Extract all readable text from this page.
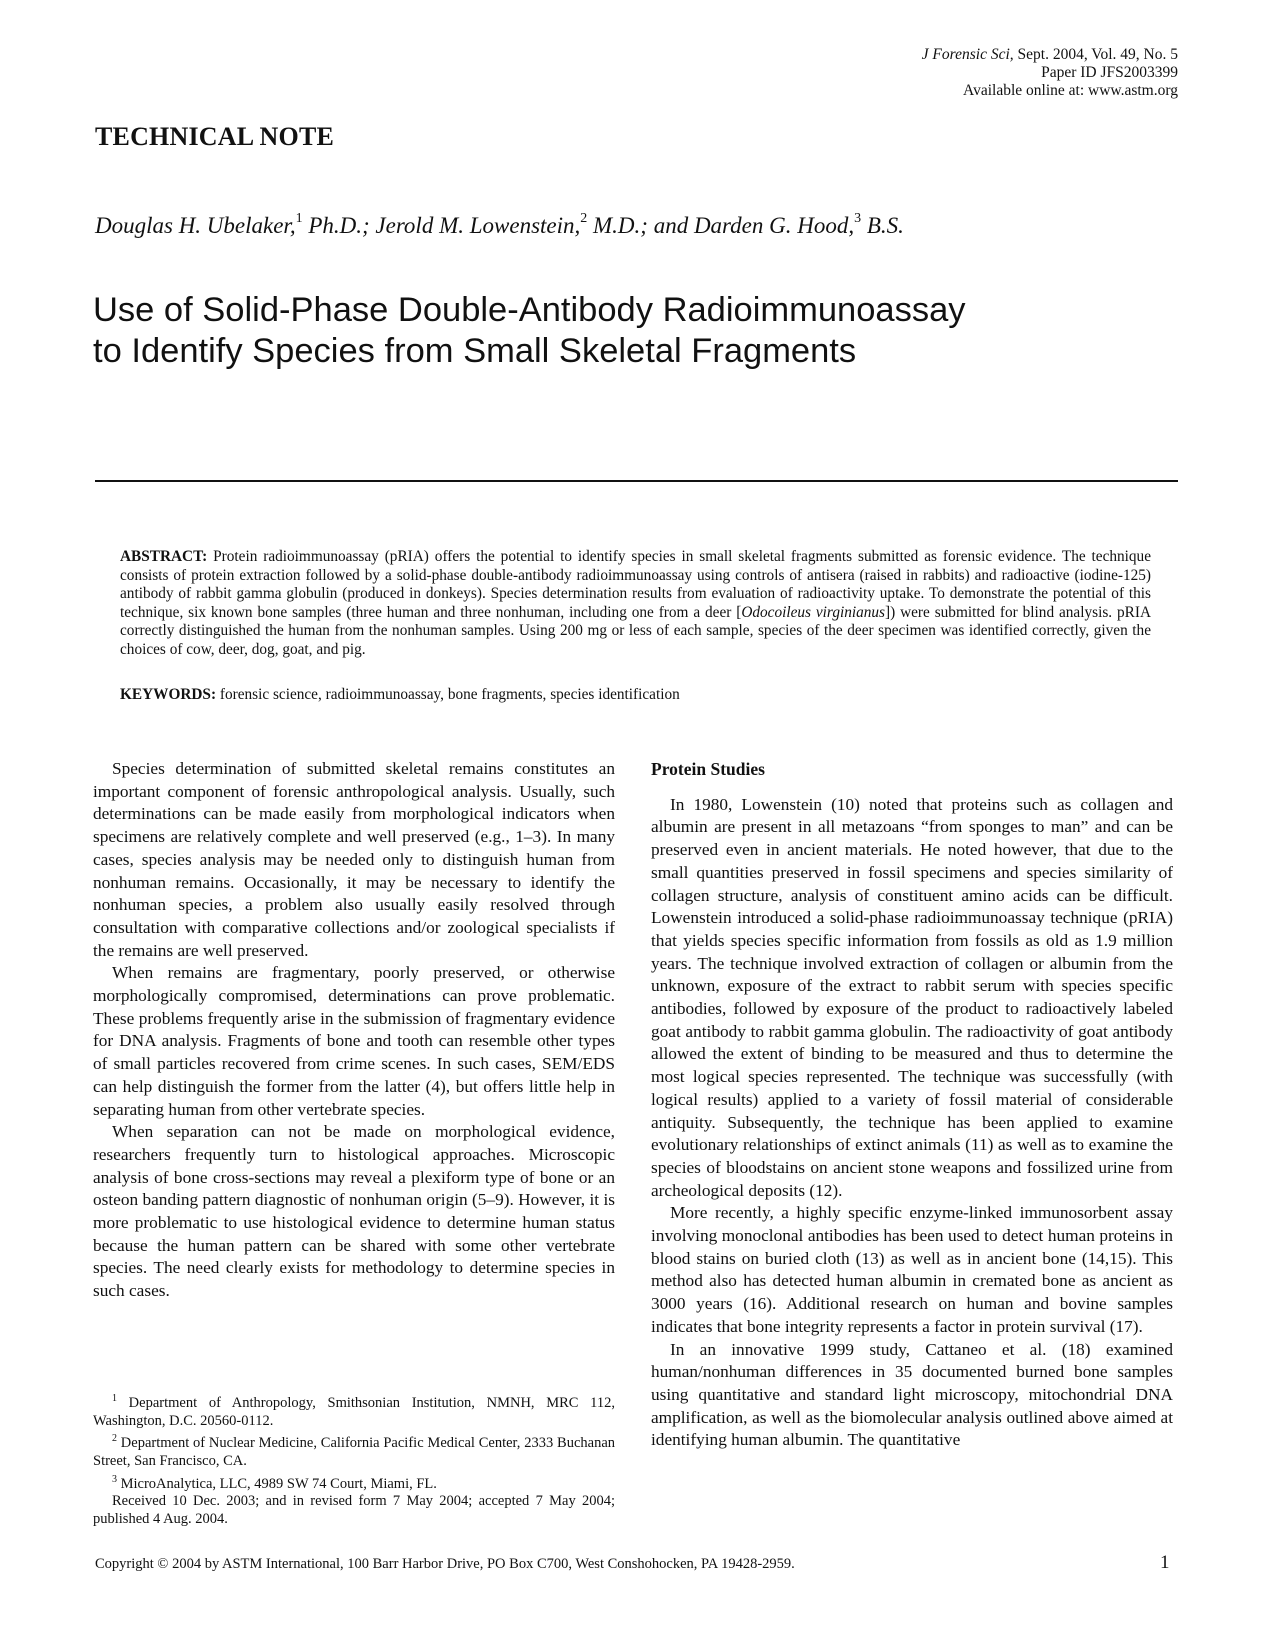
J Forensic Sci, Sept. 2004, Vol. 49, No. 5
Paper ID JFS2003399
Available online at: www.astm.org
TECHNICAL NOTE
Douglas H. Ubelaker,$^1$ Ph.D.; Jerold M. Lowenstein,$^2$ M.D.; and Darden G. Hood,$^3$ B.S.
Use of Solid-Phase Double-Antibody Radioimmunoassay to Identify Species from Small Skeletal Fragments

ABSTRACT: Protein radioimmunoassay (pRIA) offers the potential to identify species in small skeletal fragments submitted as forensic evidence. The technique consists of protein extraction followed by a solid-phase double-antibody radioimmunoassay using controls of antisera (raised in rabbits) and radioactive (iodine-125) antibody of rabbit gamma globulin (produced in donkeys). Species determination results from evaluation of radioactivity uptake. To demonstrate the potential of this technique, six known bone samples (three human and three nonhuman, including one from a deer [Odocoileus virginianus]) were submitted for blind analysis. pRIA correctly distinguished the human from the nonhuman samples. Using 200 mg or less of each sample, species of the deer specimen was identified correctly, given the choices of cow, deer, dog, goat, and pig.

KEYWORDS: forensic science, radioimmunoassay, bone fragments, species identification

Species determination of submitted skeletal remains constitutes an important component of forensic anthropological analysis. Usually, such determinations can be made easily from morphological indicators when specimens are relatively complete and well preserved (e.g., 1–3). In many cases, species analysis may be needed only to distinguish human from nonhuman remains. Occasionally, it may be necessary to identify the nonhuman species, a problem also usually easily resolved through consultation with comparative collections and/or zoological specialists if the remains are well preserved.

When remains are fragmentary, poorly preserved, or otherwise morphologically compromised, determinations can prove problematic. These problems frequently arise in the submission of fragmentary evidence for DNA analysis. Fragments of bone and tooth can resemble other types of small particles recovered from crime scenes. In such cases, SEM/EDS can help distinguish the former from the latter (4), but offers little help in separating human from other vertebrate species.

When separation can not be made on morphological evidence, researchers frequently turn to histological approaches. Microscopic analysis of bone cross-sections may reveal a plexiform type of bone or an osteon banding pattern diagnostic of nonhuman origin (5–9). However, it is more problematic to use histological evidence to determine human status because the human pattern can be shared with some other vertebrate species. The need clearly exists for methodology to determine species in such cases.

$^1$ Department of Anthropology, Smithsonian Institution, NMNH, MRC 112, Washington, D.C. 20560-0112.

$^2$ Department of Nuclear Medicine, California Pacific Medical Center, 2333 Buchanan Street, San Francisco, CA.

$^3$ MicroAnalytica, LLC, 4989 SW 74 Court, Miami, FL.

Received 10 Dec. 2003; and in revised form 7 May 2004; accepted 7 May 2004; published 4 Aug. 2004.

Protein Studies

In 1980, Lowenstein (10) noted that proteins such as collagen and albumin are present in all metazoans “from sponges to man” and can be preserved even in ancient materials. He noted however, that due to the small quantities preserved in fossil specimens and species similarity of collagen structure, analysis of constituent amino acids can be difficult. Lowenstein introduced a solid-phase radioimmunoassay technique (pRIA) that yields species specific information from fossils as old as 1.9 million years. The technique involved extraction of collagen or albumin from the unknown, exposure of the extract to rabbit serum with species specific antibodies, followed by exposure of the product to radioactively labeled goat antibody to rabbit gamma globulin. The radioactivity of goat antibody allowed the extent of binding to be measured and thus to determine the most logical species represented. The technique was successfully (with logical results) applied to a variety of fossil material of considerable antiquity. Subsequently, the technique has been applied to examine evolutionary relationships of extinct animals (11) as well as to examine the species of bloodstains on ancient stone weapons and fossilized urine from archeological deposits (12).

More recently, a highly specific enzyme-linked immunosorbent assay involving monoclonal antibodies has been used to detect human proteins in blood stains on buried cloth (13) as well as in ancient bone (14,15). This method also has detected human albumin in cremated bone as ancient as 3000 years (16). Additional research on human and bovine samples indicates that bone integrity represents a factor in protein survival (17).

In an innovative 1999 study, Cattaneo et al. (18) examined human/nonhuman differences in 35 documented burned bone samples using quantitative and standard light microscopy, mitochondrial DNA amplification, as well as the biomolecular analysis outlined above aimed at identifying human albumin. The quantitative

Copyright © 2004 by ASTM International, 100 Barr Harbor Drive, PO Box C700, West Conshohocken, PA 19428-2959.	1
